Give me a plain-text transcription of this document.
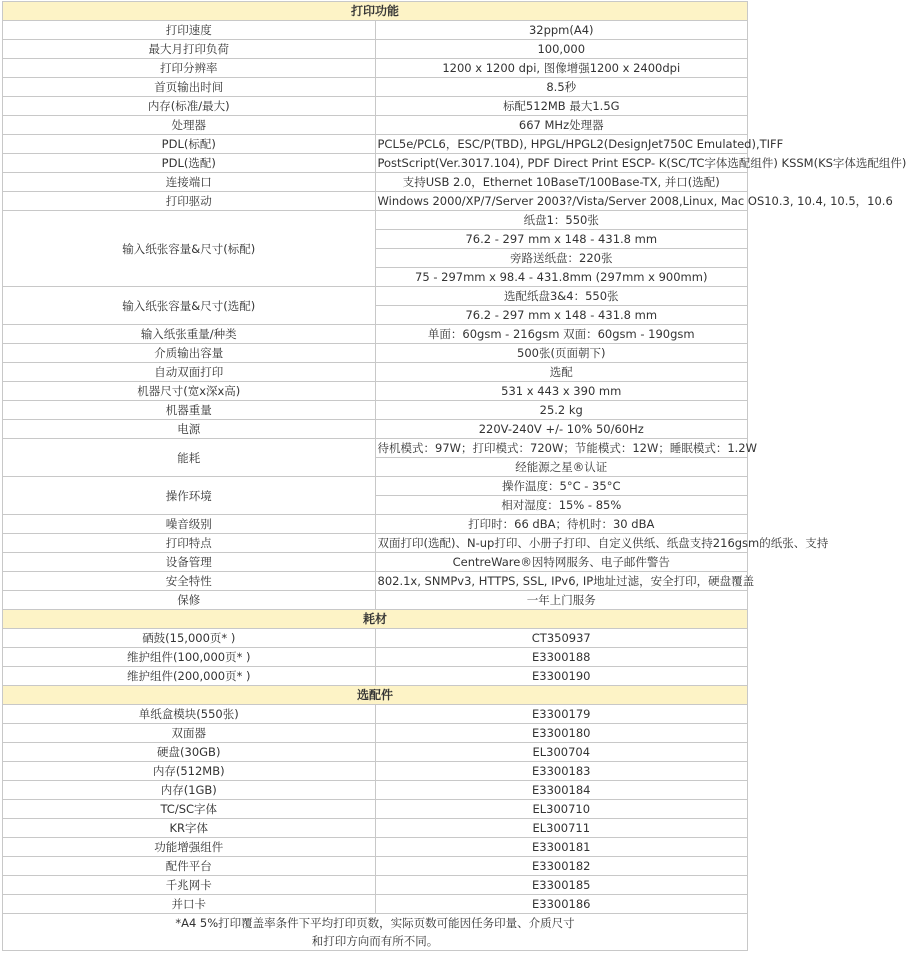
打印功能	
打印速度	32ppm(A4)
最大月打印负荷	100,000
打印分辨率	1200 x 1200 dpi, 图像增强1200 x 2400dpi
首页输出时间	8.5秒
内存(标准/最大)	标配512MB 最大1.5G
处理器	667 MHz处理器
PDL(标配)	PCL5e/PCL6，ESC/P(TBD), HPGL/HPGL2(DesignJet750C Emulated),TIFF
PDL(选配)	PostScript(Ver.3017.104), PDF Direct Print ESCP- K(SC/TC字体选配组件) KSSM(KS字体选配组件)
连接端口	支持USB 2.0，Ethernet 10BaseT/100Base-TX, 并口(选配)
打印驱动	Windows 2000/XP/7/Server 2003?/Vista/Server 2008,Linux, Mac OS10.3, 10.4, 10.5，10.6
输入纸张容量&尺寸(标配)	纸盘1：550张
	76.2 - 297 mm x 148 - 431.8 mm
	旁路送纸盘：220张
	75 - 297mm x 98.4 - 431.8mm (297mm x 900mm)
输入纸张容量&尺寸(选配)	选配纸盘3&4：550张
	76.2 - 297 mm x 148 - 431.8 mm
输入纸张重量/种类	单面：60gsm - 216gsm 双面：60gsm - 190gsm
介质输出容量	500张(页面朝下)
自动双面打印	选配
机器尺寸(宽x深x高)	531 x 443 x 390 mm
机器重量	25.2 kg
电源	220V-240V +/- 10% 50/60Hz
能耗	待机模式：97W；打印模式：720W；节能模式：12W；睡眠模式：1.2W
	经能源之星®认证
操作环境	操作温度：5°C - 35°C
	相对湿度：15% - 85%
噪音级别	打印时：66 dBA；待机时：30 dBA
打印特点	双面打印(选配)、N-up打印、小册子打印、自定义供纸、纸盘支持216gsm的纸张、支持
设备管理	CentreWare®因特网服务、电子邮件警告
安全特性	802.1x, SNMPv3, HTTPS, SSL, IPv6, IP地址过滤，安全打印，硬盘覆盖
保修	一年上门服务
耗材	
硒鼓(15,000页* )	CT350937
维护组件(100,000页* )	E3300188
维护组件(200,000页* )	E3300190
选配件	
单纸盒模块(550张)	E3300179
双面器	E3300180
硬盘(30GB)	EL300704
内存(512MB)	E3300183
内存(1GB)	E3300184
TC/SC字体	EL300710
KR字体	EL300711
功能增强组件	E3300181
配件平台	E3300182
千兆网卡	E3300185
并口卡	E3300186

*A4 5%打印覆盖率条件下平均打印页数，实际页数可能因任务印量、介质尺寸
和打印方向而有所不同。	
